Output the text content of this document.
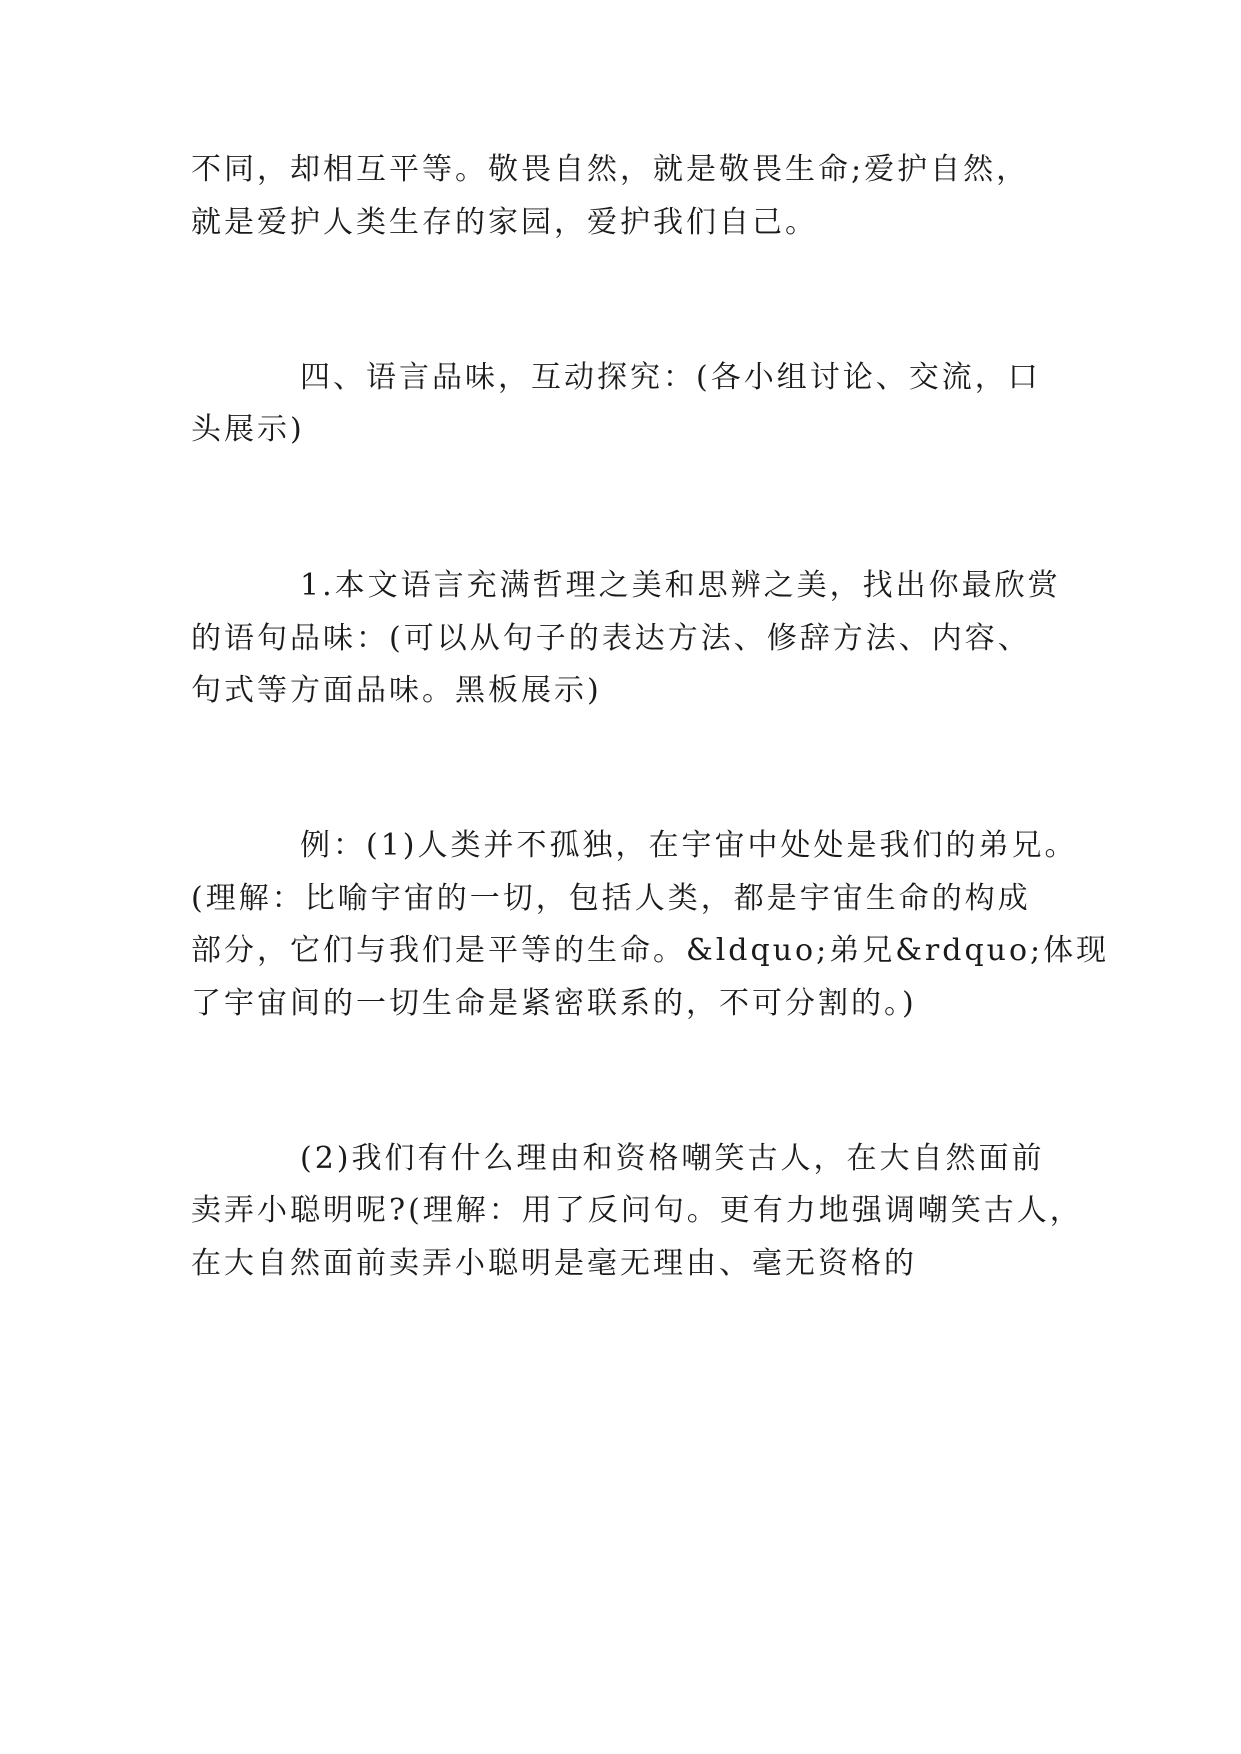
不同，却相互平等。敬畏自然，就是敬畏生命;爱护自然，
就是爱护人类生存的家园，爱护我们自己。
四、语言品味，互动探究：(各小组讨论、交流，口
头展示)
1.本文语言充满哲理之美和思辨之美，找出你最欣赏
的语句品味：(可以从句子的表达方法、修辞方法、内容、
句式等方面品味。黑板展示)
例：(1)人类并不孤独，在宇宙中处处是我们的弟兄。
(理解：比喻宇宙的一切，包括人类，都是宇宙生命的构成
部分，它们与我们是平等的生命。&ldquo;弟兄&rdquo;体现
了宇宙间的一切生命是紧密联系的，不可分割的。)
(2)我们有什么理由和资格嘲笑古人，在大自然面前
卖弄小聪明呢?(理解：用了反问句。更有力地强调嘲笑古人，
在大自然面前卖弄小聪明是毫无理由、毫无资格的
